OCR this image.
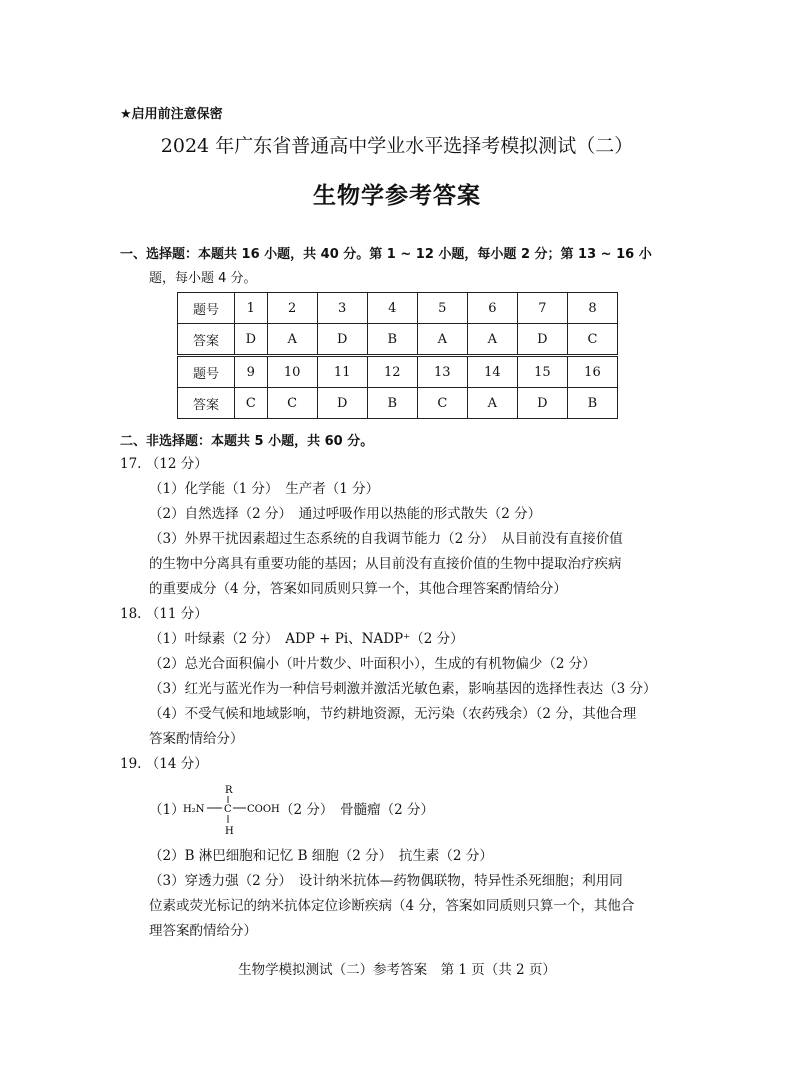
★启用前注意保密
2024 年广东省普通高中学业水平选择考模拟测试（二）
生物学参考答案
一、选择题：本题共 16 小题，共 40 分。第 1 ~ 12 小题，每小题 2 分；第 13 ~ 16 小
题，每小题 4 分。
题号	1	2	3	4	5	6	7	8
答案	D	A	D	B	A	A	D	C
题号	9	10	11	12	13	14	15	16
答案	C	C	D	B	C	A	D	B
二、非选择题：本题共 5 小题，共 60 分。
17. （12 分）
（1）化学能（1 分）　生产者（1 分）
（2）自然选择（2 分）　通过呼吸作用以热能的形式散失（2 分）
（3）外界干扰因素超过生态系统的自我调节能力（2 分）　从目前没有直接价值
的生物中分离具有重要功能的基因；从目前没有直接价值的生物中提取治疗疾病
的重要成分（4 分，答案如同质则只算一个，其他合理答案酌情给分）
18. （11 分）
（1）叶绿素（2 分）　ADP + Pi、NADP⁺（2 分）
（2）总光合面积偏小（叶片数少、叶面积小），生成的有机物偏少（2 分）
（3）红光与蓝光作为一种信号刺激并激活光敏色素，影响基因的选择性表达（3 分）
（4）不受气候和地域影响，节约耕地资源，无污染（农药残余）（2 分，其他合理
答案酌情给分）
19. （14 分）
（1）
R
H₂N C COOH
H
（2 分）　骨髓瘤（2 分）
（2）B 淋巴细胞和记忆 B 细胞（2 分）　抗生素（2 分）
（3）穿透力强（2 分）　设计纳米抗体—药物偶联物，特异性杀死细胞；利用同
位素或荧光标记的纳米抗体定位诊断疾病（4 分，答案如同质则只算一个，其他合
理答案酌情给分）
生物学模拟测试（二）参考答案　第 1 页（共 2 页）
